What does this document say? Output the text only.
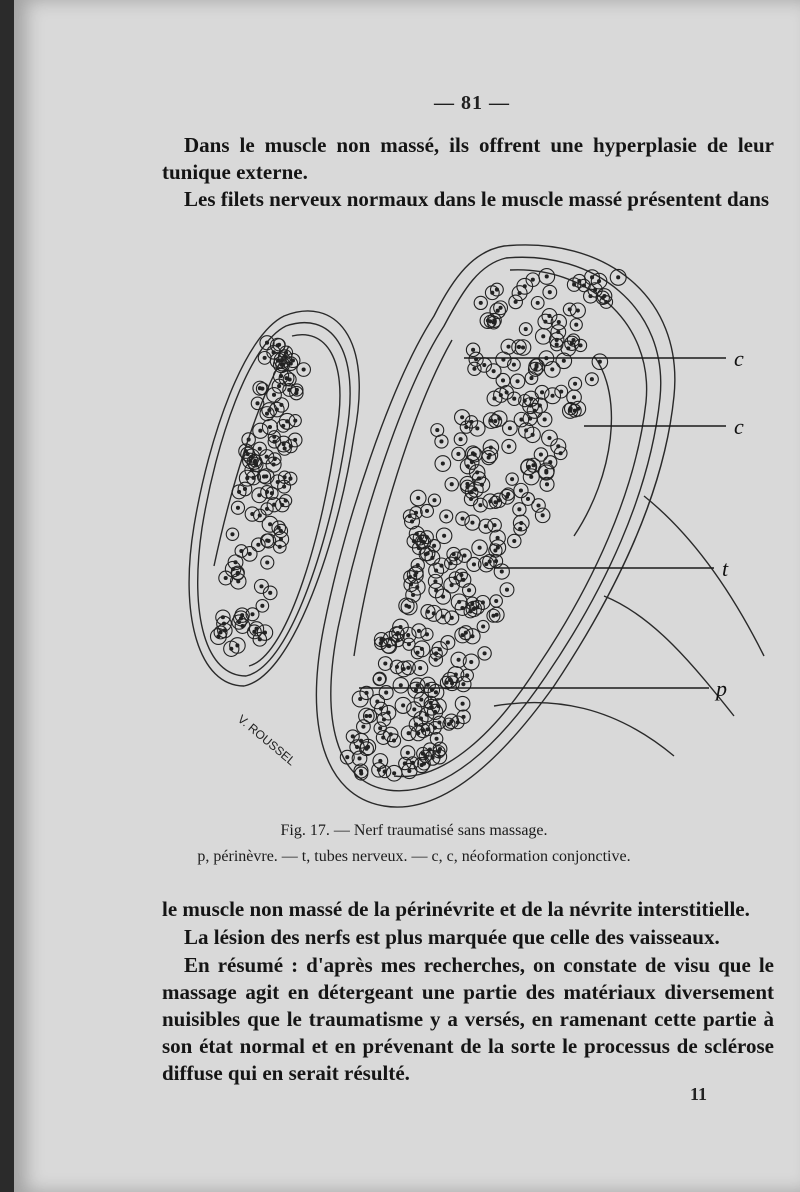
— 81 —
Dans le muscle non massé, ils offrent une hyperplasie de leur tunique externe.
Les filets nerveux normaux dans le muscle massé présentent dans
c
c
t
p
V. ROUSSEL
Fig. 17. — Nerf traumatisé sans massage.
p, périnèvre. — t, tubes nerveux. — c, c, néoformation conjonctive.
le muscle non massé de la périnévrite et de la névrite interstitielle.
La lésion des nerfs est plus marquée que celle des vaisseaux.
En résumé : d'après mes recherches, on constate de visu que le massage agit en détergeant une partie des matériaux diversement nuisibles que le traumatisme y a versés, en ramenant cette partie à son état normal et en prévenant de la sorte le processus de sclérose diffuse qui en serait résulté.
11
